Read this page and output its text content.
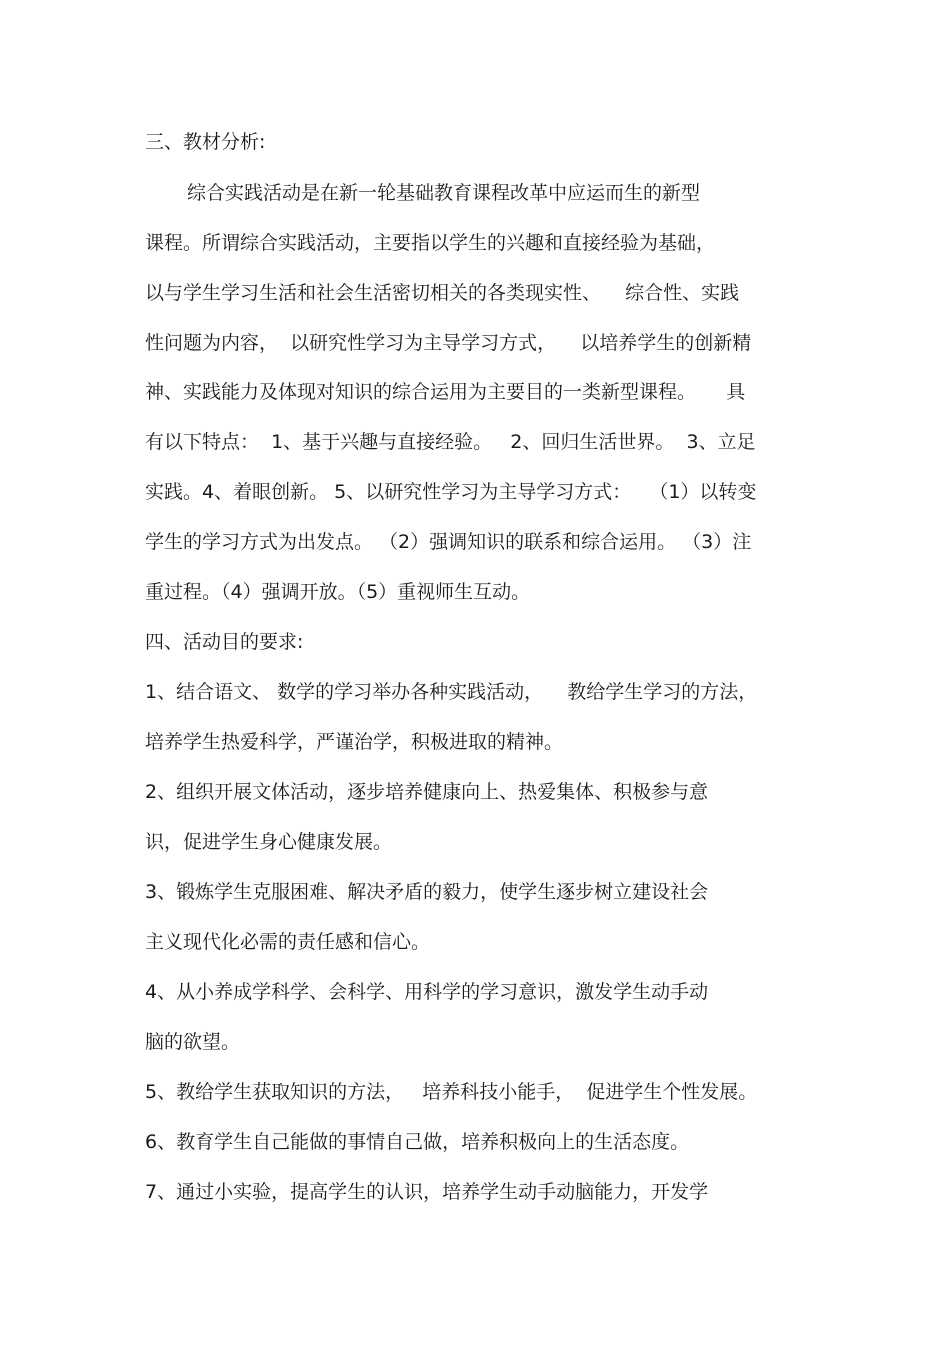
三、教材分析:

综合实践活动是在新一轮基础教育课程改革中应运而生的新型

课程。所谓综合实践活动，主要指以学生的兴趣和直接经验为基础，

以与学生学习生活和社会生活密切相关的各类现实性、    综合性、实践

性问题为内容，  以研究性学习为主导学习方式，    以培养学生的创新精

神、实践能力及体现对知识的综合运用为主要目的一类新型课程。     具

有以下特点：  1、基于兴趣与直接经验。   2、回归生活世界。  3、立足

实践。4、着眼创新。 5、以研究性学习为主导学习方式：   （1）以转变

学生的学习方式为出发点。 （2）强调知识的联系和综合运用。 （3）注

重过程。（4）强调开放。（5）重视师生互动。

四、活动目的要求:

1、结合语文、 数学的学习举办各种实践活动，    教给学生学习的方法，

培养学生热爱科学，严谨治学，积极进取的精神。

2、组织开展文体活动，逐步培养健康向上、热爱集体、积极参与意

识，促进学生身心健康发展。

3、锻炼学生克服困难、解决矛盾的毅力，使学生逐步树立建设社会

主义现代化必需的责任感和信心。

4、从小养成学科学、会科学、用科学的学习意识，激发学生动手动

脑的欲望。

5、教给学生获取知识的方法，   培养科技小能手，  促进学生个性发展。

6、教育学生自己能做的事情自己做，培养积极向上的生活态度。

7、通过小实验，提高学生的认识，培养学生动手动脑能力，开发学
